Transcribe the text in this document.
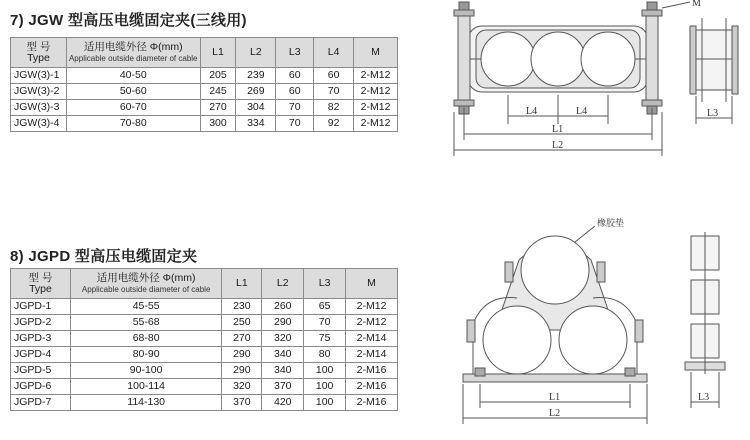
7) JGW 型高压电缆固定夹(三线用)
型 号
Type	适用电缆外径 Φ(mm)
Applicable outside diameter of cable	L1	L2	L3	L4	M
JGW(3)-1	40-50	205	239	60	60	2-M12
JGW(3)-2	50-60	245	269	60	70	2-M12
JGW(3)-3	60-70	270	304	70	82	2-M12
JGW(3)-4	70-80	300	334	70	92	2-M12
M
L4	L4
L1
L2
L3
8) JGPD 型高压电缆固定夹
型 号
Type	适用电缆外径 Φ(mm)
Applicable outside diameter of cable	L1	L2	L3	M
JGPD-1	45-55	230	260	65	2-M12
JGPD-2	55-68	250	290	70	2-M12
JGPD-3	68-80	270	320	75	2-M14
JGPD-4	80-90	290	340	80	2-M14
JGPD-5	90-100	290	340	100	2-M16
JGPD-6	100-114	320	370	100	2-M16
JGPD-7	114-130	370	420	100	2-M16
橡胶垫
L1
L2
L3
